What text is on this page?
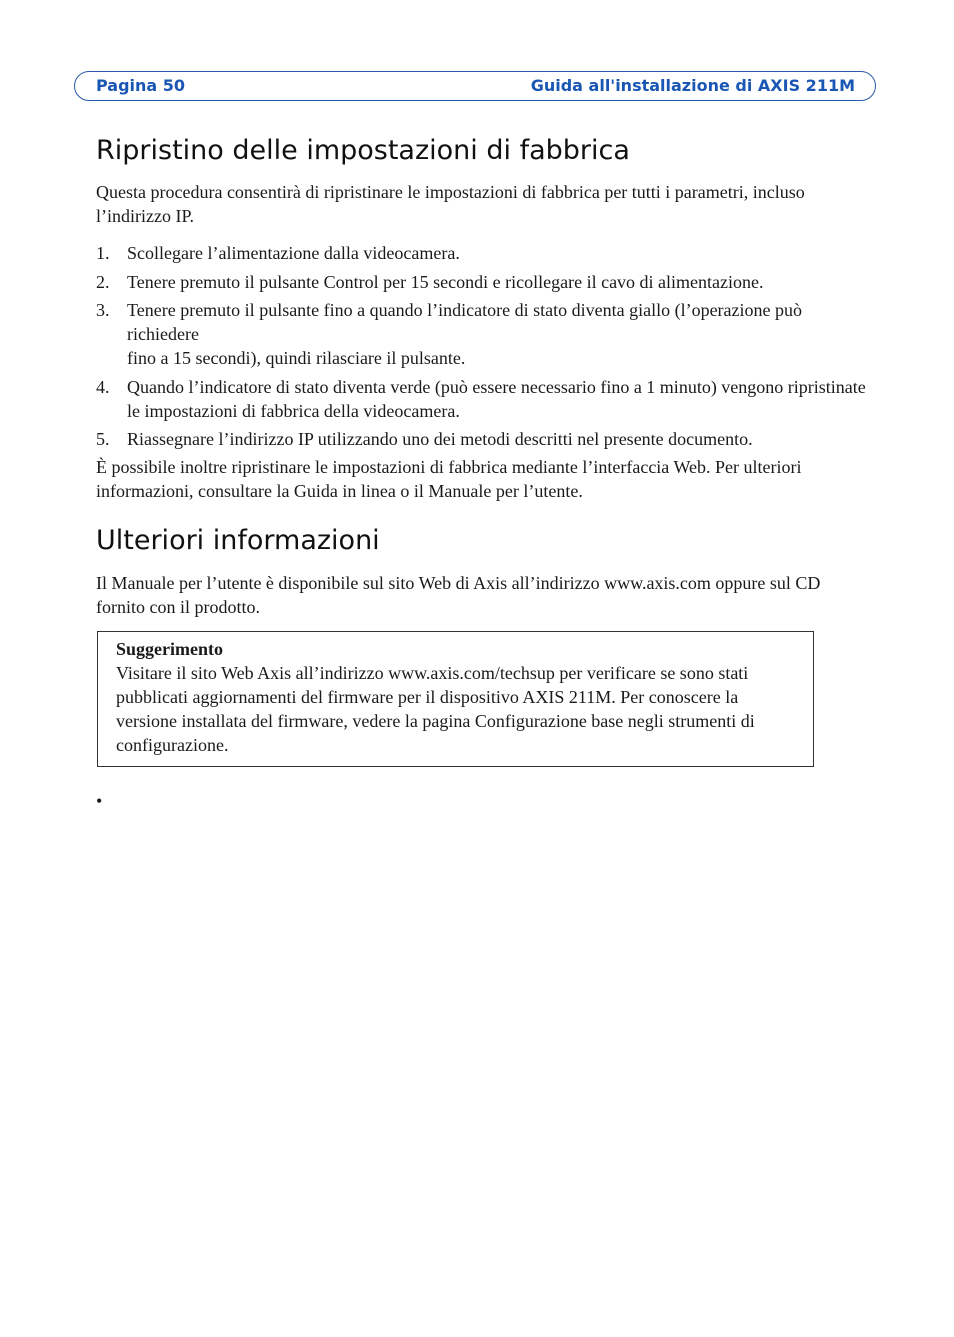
Pagina 50	Guida all'installazione di AXIS 211M
Ripristino delle impostazioni di fabbrica

Questa procedura consentirà di ripristinare le impostazioni di fabbrica per tutti i parametri, incluso l’indirizzo IP.

1. Scollegare l’alimentazione dalla videocamera.
2. Tenere premuto il pulsante Control per 15 secondi e ricollegare il cavo di alimentazione.
3. Tenere premuto il pulsante fino a quando l’indicatore di stato diventa giallo (l’operazione può richiedere
fino a 15 secondi), quindi rilasciare il pulsante.
4. Quando l’indicatore di stato diventa verde (può essere necessario fino a 1 minuto) vengono ripristinate le impostazioni di fabbrica della videocamera.
5. Riassegnare l’indirizzo IP utilizzando uno dei metodi descritti nel presente documento.

È possibile inoltre ripristinare le impostazioni di fabbrica mediante l’interfaccia Web. Per ulteriori informazioni, consultare la Guida in linea o il Manuale per l’utente.

Ulteriori informazioni

Il Manuale per l’utente è disponibile sul sito Web di Axis all’indirizzo www.axis.com oppure sul CD fornito con il prodotto.

Suggerimento
Visitare il sito Web Axis all’indirizzo www.axis.com/techsup per verificare se sono stati pubblicati aggiornamenti del firmware per il dispositivo AXIS 211M. Per conoscere la versione installata del firmware, vedere la pagina Configurazione base negli strumenti di configurazione.
•
